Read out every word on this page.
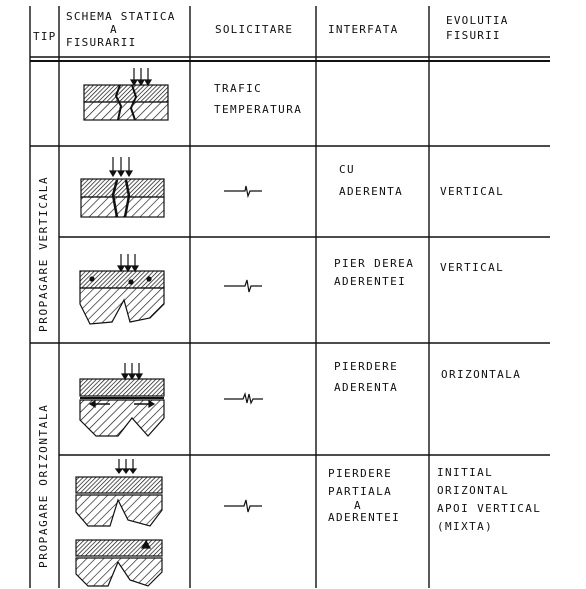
TIP
SCHEMA STATICA
A
FISURARII
SOLICITARE	INTERFATA
EVOLUTIA
FISURII
PROPAGARE VERTICALA
PROPAGARE ORIZONTALA
TRAFIC
TEMPERATURA
CU
ADERENTA	VERTICAL
PIER DEREA
ADERENTEI
VERTICAL
PIERDERE
ADERENTA
ORIZONTALA
PIERDERE
PARTIALA
A
ADERENTEI
INITIAL
ORIZONTAL
APOI VERTICAL
(MIXTA)
